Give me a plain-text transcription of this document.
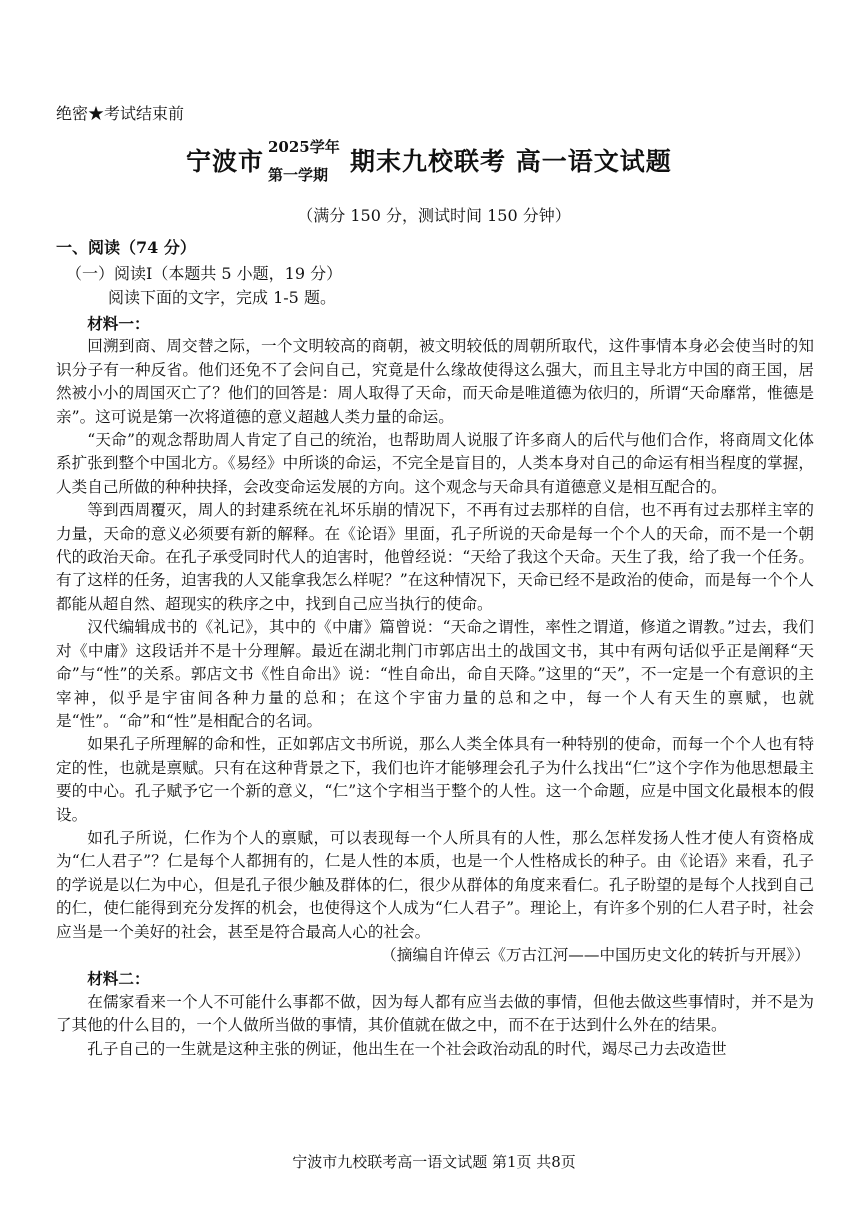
绝密★考试结束前
宁波市 2025学年
第一学期 期末九校联考 高一语文试题
（满分 150 分，测试时间 150 分钟）
一、阅读（74 分）
（一）阅读Ⅰ（本题共 5 小题，19 分）
阅读下面的文字，完成 1-5 题。

材料一：

回溯到商、周交替之际，一个文明较高的商朝，被文明较低的周朝所取代，这件事情本身必会使当时的知识分子有一种反省。他们还免不了会问自己，究竟是什么缘故使得这么强大，而且主导北方中国的商王国，居然被小小的周国灭亡了？他们的回答是：周人取得了天命，而天命是唯道德为依归的，所谓“天命靡常，惟德是亲”。这可说是第一次将道德的意义超越人类力量的命运。

“天命”的观念帮助周人肯定了自己的统治，也帮助周人说服了许多商人的后代与他们合作，将商周文化体系扩张到整个中国北方。《易经》中所谈的命运，不完全是盲目的，人类本身对自己的命运有相当程度的掌握，人类自己所做的种种抉择，会改变命运发展的方向。这个观念与天命具有道德意义是相互配合的。

等到西周覆灭，周人的封建系统在礼坏乐崩的情况下，不再有过去那样的自信，也不再有过去那样主宰的力量，天命的意义必须要有新的解释。在《论语》里面，孔子所说的天命是每一个个人的天命，而不是一个朝代的政治天命。在孔子承受同时代人的迫害时，他曾经说：“天给了我这个天命。天生了我，给了我一个任务。有了这样的任务，迫害我的人又能拿我怎么样呢？”在这种情况下，天命已经不是政治的使命，而是每一个个人都能从超自然、超现实的秩序之中，找到自己应当执行的使命。

汉代编辑成书的《礼记》，其中的《中庸》篇曾说：“天命之谓性，率性之谓道，修道之谓教。”过去，我们对《中庸》这段话并不是十分理解。最近在湖北荆门市郭店出土的战国文书，其中有两句话似乎正是阐释“天命”与“性”的关系。郭店文书《性自命出》说：“性自命出，命自天降。”这里的“天”，不一定是一个有意识的主宰神，似乎是宇宙间各种力量的总和；在这个宇宙力量的总和之中，每一个人有天生的禀赋，也就是“性”。“命”和“性”是相配合的名词。

如果孔子所理解的命和性，正如郭店文书所说，那么人类全体具有一种特别的使命，而每一个个人也有特定的性，也就是禀赋。只有在这种背景之下，我们也许才能够理会孔子为什么找出“仁”这个字作为他思想最主要的中心。孔子赋予它一个新的意义，“仁”这个字相当于整个的人性。这一个命题，应是中国文化最根本的假设。

如孔子所说，仁作为个人的禀赋，可以表现每一个人所具有的人性，那么怎样发扬人性才使人有资格成为“仁人君子”？仁是每个人都拥有的，仁是人性的本质，也是一个人性格成长的种子。由《论语》来看，孔子的学说是以仁为中心，但是孔子很少触及群体的仁，很少从群体的角度来看仁。孔子盼望的是每个人找到自己的仁，使仁能得到充分发挥的机会，也使得这个人成为“仁人君子”。理论上，有许多个别的仁人君子时，社会应当是一个美好的社会，甚至是符合最高人心的社会。

（摘编自许倬云《万古江河——中国历史文化的转折与开展》）

材料二：

在儒家看来一个人不可能什么事都不做，因为每人都有应当去做的事情，但他去做这些事情时，并不是为了其他的什么目的，一个人做所当做的事情，其价值就在做之中，而不在于达到什么外在的结果。

孔子自己的一生就是这种主张的例证，他出生在一个社会政治动乱的时代，竭尽己力去改造世

宁波市九校联考高一语文试题 第1页 共8页
